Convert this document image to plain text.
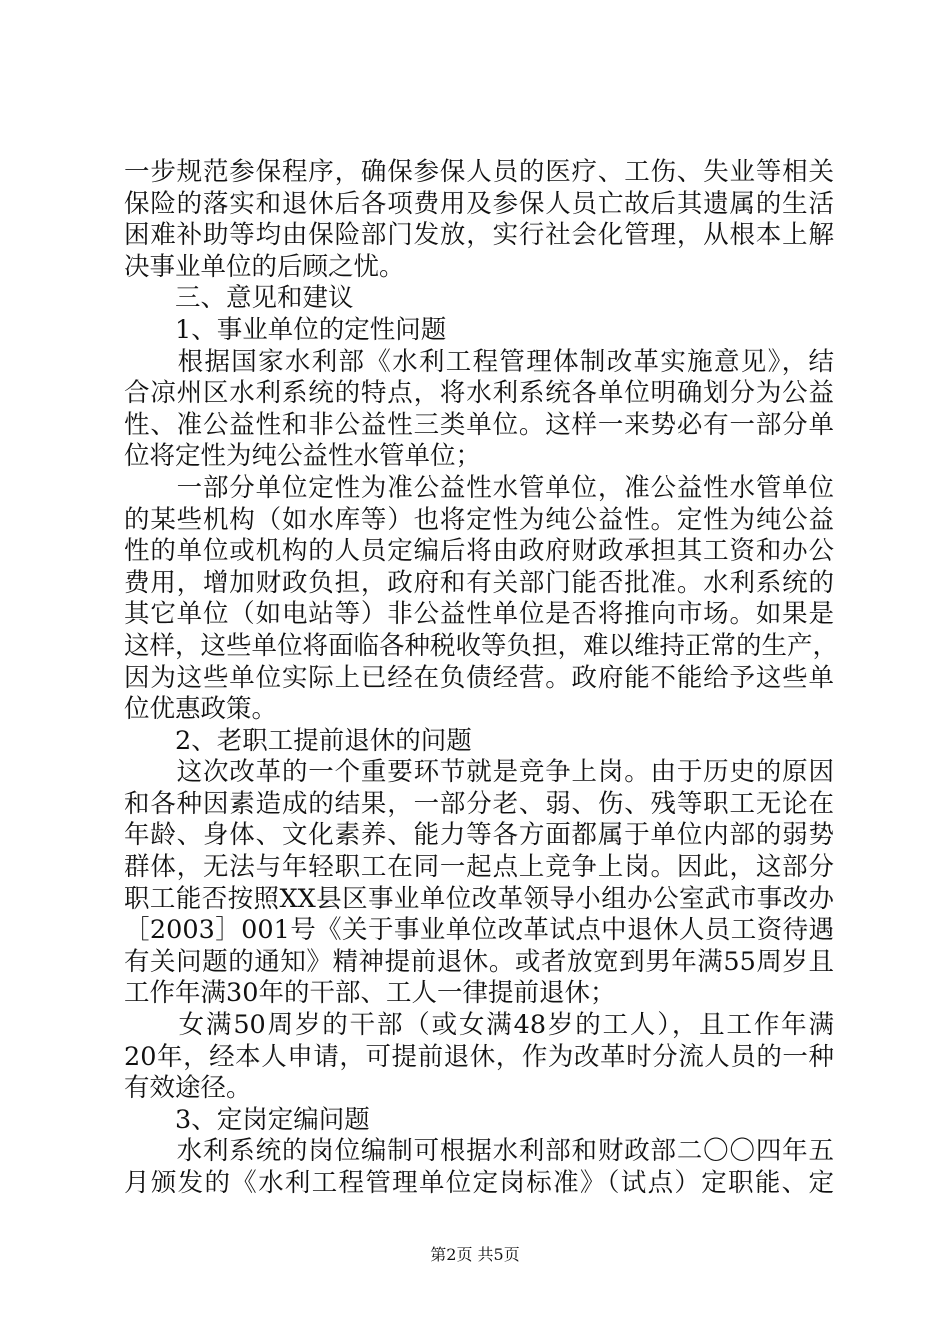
一步规范参保程序，确保参保人员的医疗、工伤、失业等相关
保险的落实和退休后各项费用及参保人员亡故后其遗属的生活
困难补助等均由保险部门发放，实行社会化管理，从根本上解
决事业单位的后顾之忧。
　　三、意见和建议
　　1、事业单位的定性问题
　　根据国家水利部《水利工程管理体制改革实施意见》，结
合凉州区水利系统的特点，将水利系统各单位明确划分为公益
性、准公益性和非公益性三类单位。这样一来势必有一部分单
位将定性为纯公益性水管单位；
　　一部分单位定性为准公益性水管单位，准公益性水管单位
的某些机构（如水库等）也将定性为纯公益性。定性为纯公益
性的单位或机构的人员定编后将由政府财政承担其工资和办公
费用，增加财政负担，政府和有关部门能否批准。水利系统的
其它单位（如电站等）非公益性单位是否将推向市场。如果是
这样，这些单位将面临各种税收等负担，难以维持正常的生产，
因为这些单位实际上已经在负债经营。政府能不能给予这些单
位优惠政策。
　　2、老职工提前退休的问题
　　这次改革的一个重要环节就是竞争上岗。由于历史的原因
和各种因素造成的结果，一部分老、弱、伤、残等职工无论在
年龄、身体、文化素养、能力等各方面都属于单位内部的弱势
群体，无法与年轻职工在同一起点上竞争上岗。因此，这部分
职工能否按照XX县区事业单位改革领导小组办公室武市事改办
［2003］001号《关于事业单位改革试点中退休人员工资待遇
有关问题的通知》精神提前退休。或者放宽到男年满55周岁且
工作年满30年的干部、工人一律提前退休；
　　女满50周岁的干部（或女满48岁的工人），且工作年满
20年，经本人申请，可提前退休，作为改革时分流人员的一种
有效途径。
　　3、定岗定编问题
　　水利系统的岗位编制可根据水利部和财政部二〇〇四年五
月颁发的《水利工程管理单位定岗标准》（试点）定职能、定
第2页 共5页
